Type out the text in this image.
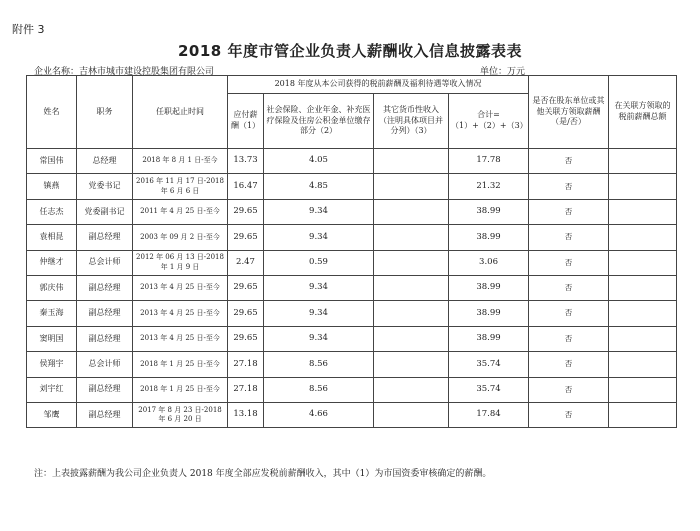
附件 3
2018 年度市管企业负责人薪酬收入信息披露表表
企业名称：吉林市城市建设控股集团有限公司	单位：万元
姓名	职务	任职起止时间	2018 年度从本公司获得的税前薪酬及福利待遇等收入情况				是否在股东单位或其他关联方领取薪酬（是/否）	在关联方领取的税前薪酬总额
			应付薪酬（1）	社会保险、企业年金、补充医疗保险及住房公积金单位缴存部分（2）	其它货币性收入（注明具体项目并分列）（3）	合计=（1）+（2）+（3）		
常国伟	总经理	2018 年 8 月 1 日-至今	13.73	4.05		17.78	否	
镇燕	党委书记	2016 年 11 月 17 日-2018 年 6 月 6 日	16.47	4.85		21.32	否	
任志杰	党委副书记	2011 年 4 月 25 日-至今	29.65	9.34		38.99	否	
袁相昆	副总经理	2003 年 09 月 2 日-至今	29.65	9.34		38.99	否	
仲继才	总会计师	2012 年 06 月 13 日-2018 年 1 月 9 日	2.47	0.59		3.06	否	
郭庆伟	副总经理	2013 年 4 月 25 日-至今	29.65	9.34		38.99	否	
秦玉海	副总经理	2013 年 4 月 25 日-至今	29.65	9.34		38.99	否	
窦明国	副总经理	2013 年 4 月 25 日-至今	29.65	9.34		38.99	否	
侯翔宇	总会计师	2018 年 1 月 25 日-至今	27.18	8.56		35.74	否	
刘宇红	副总经理	2018 年 1 月 25 日-至今	27.18	8.56		35.74	否	
邹鹰	副总经理	2017 年 8 月 23 日-2018 年 6 月 20 日	13.18	4.66		17.84	否	
注：上表披露薪酬为我公司企业负责人 2018 年度全部应发税前薪酬收入，其中（1）为市国资委审核确定的薪酬。
